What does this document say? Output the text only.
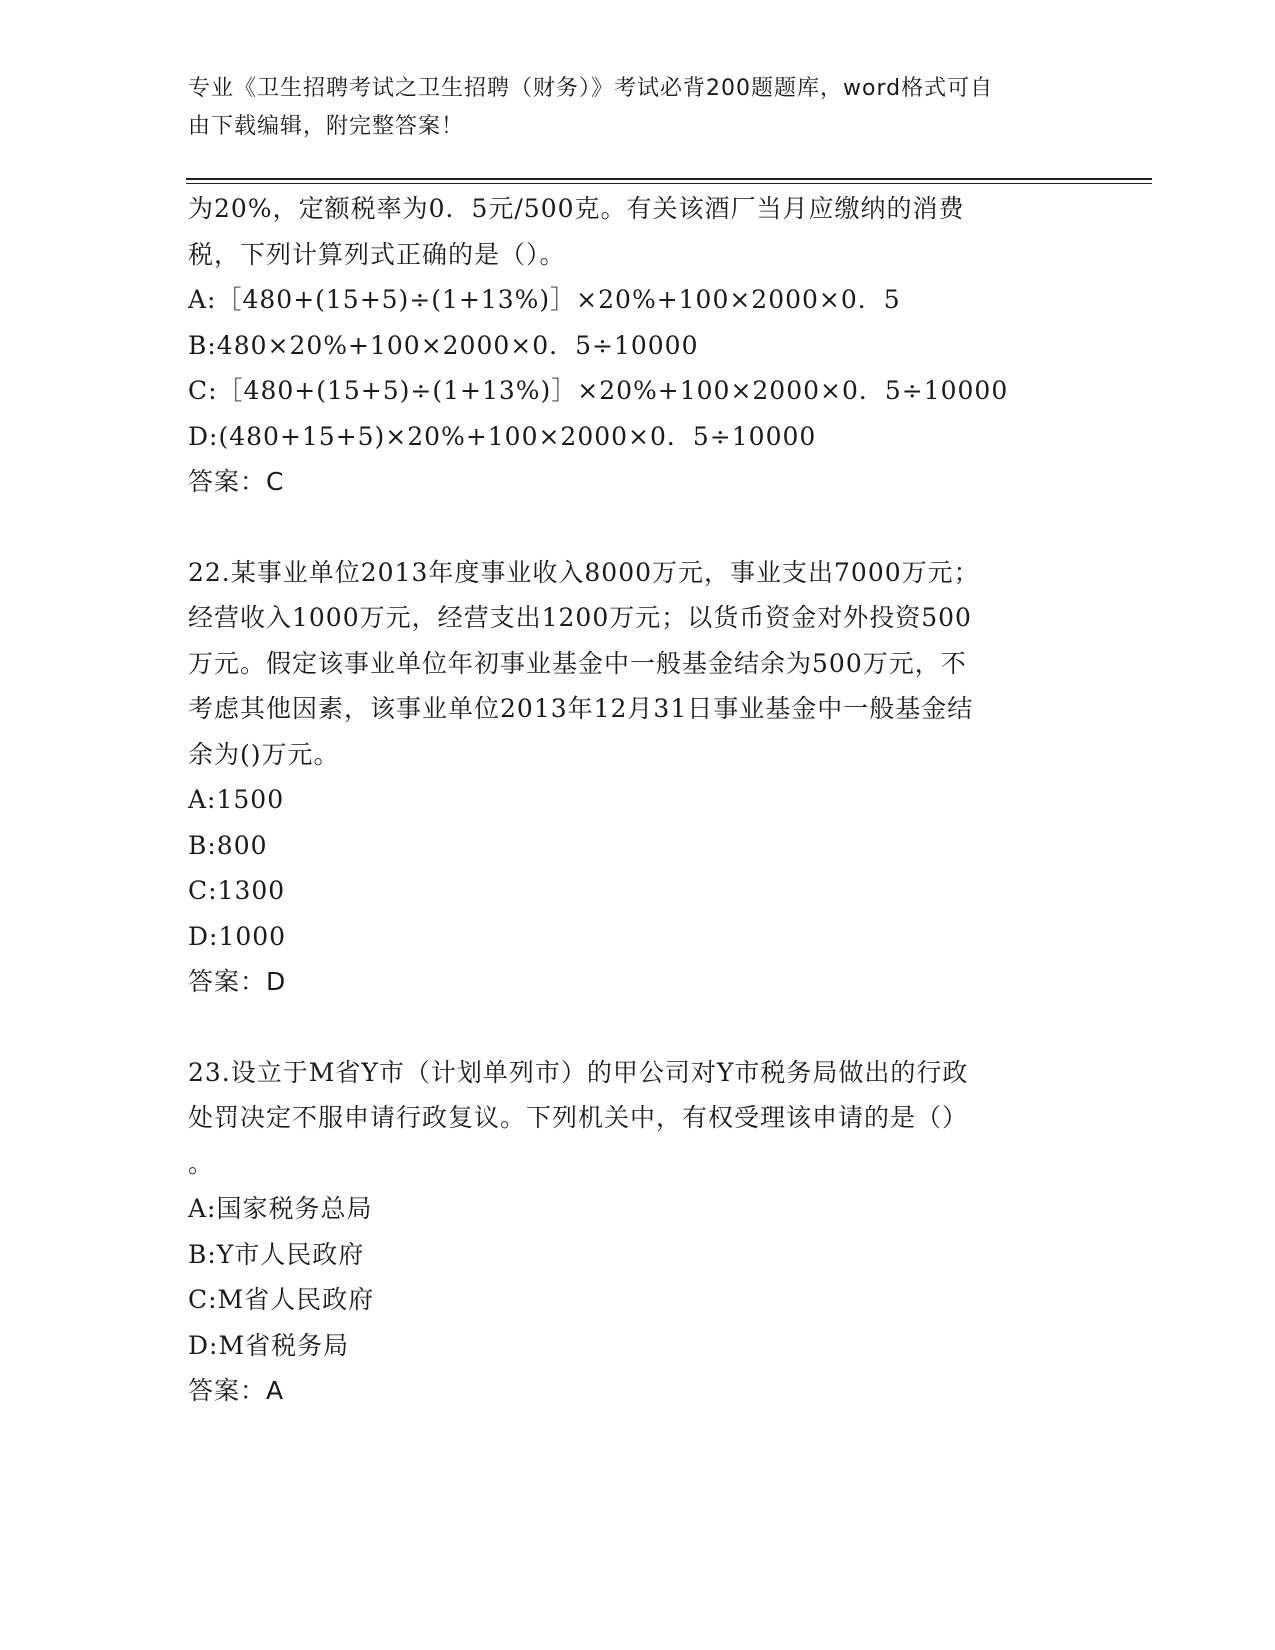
专业《卫生招聘考试之卫生招聘（财务）》考试必背200题题库，word格式可自
由下载编辑，附完整答案！
为20%，定额税率为0．5元/500克。有关该酒厂当月应缴纳的消费
税，下列计算列式正确的是（）。
A:［480+(15+5)÷(1+13%)］×20%+100×2000×0．5
B:480×20%+100×2000×0．5÷10000
C:［480+(15+5)÷(1+13%)］×20%+100×2000×0．5÷10000
D:(480+15+5)×20%+100×2000×0．5÷10000
答案：C
22.某事业单位2013年度事业收入8000万元，事业支出7000万元；
经营收入1000万元，经营支出1200万元；以货币资金对外投资500
万元。假定该事业单位年初事业基金中一般基金结余为500万元，不
考虑其他因素，该事业单位2013年12月31日事业基金中一般基金结
余为()万元。
A:1500
B:800
C:1300
D:1000
答案：D
23.设立于M省Y市（计划单列市）的甲公司对Y市税务局做出的行政
处罚决定不服申请行政复议。下列机关中，有权受理该申请的是（）
。
A:国家税务总局
B:Y市人民政府
C:M省人民政府
D:M省税务局
答案：A
